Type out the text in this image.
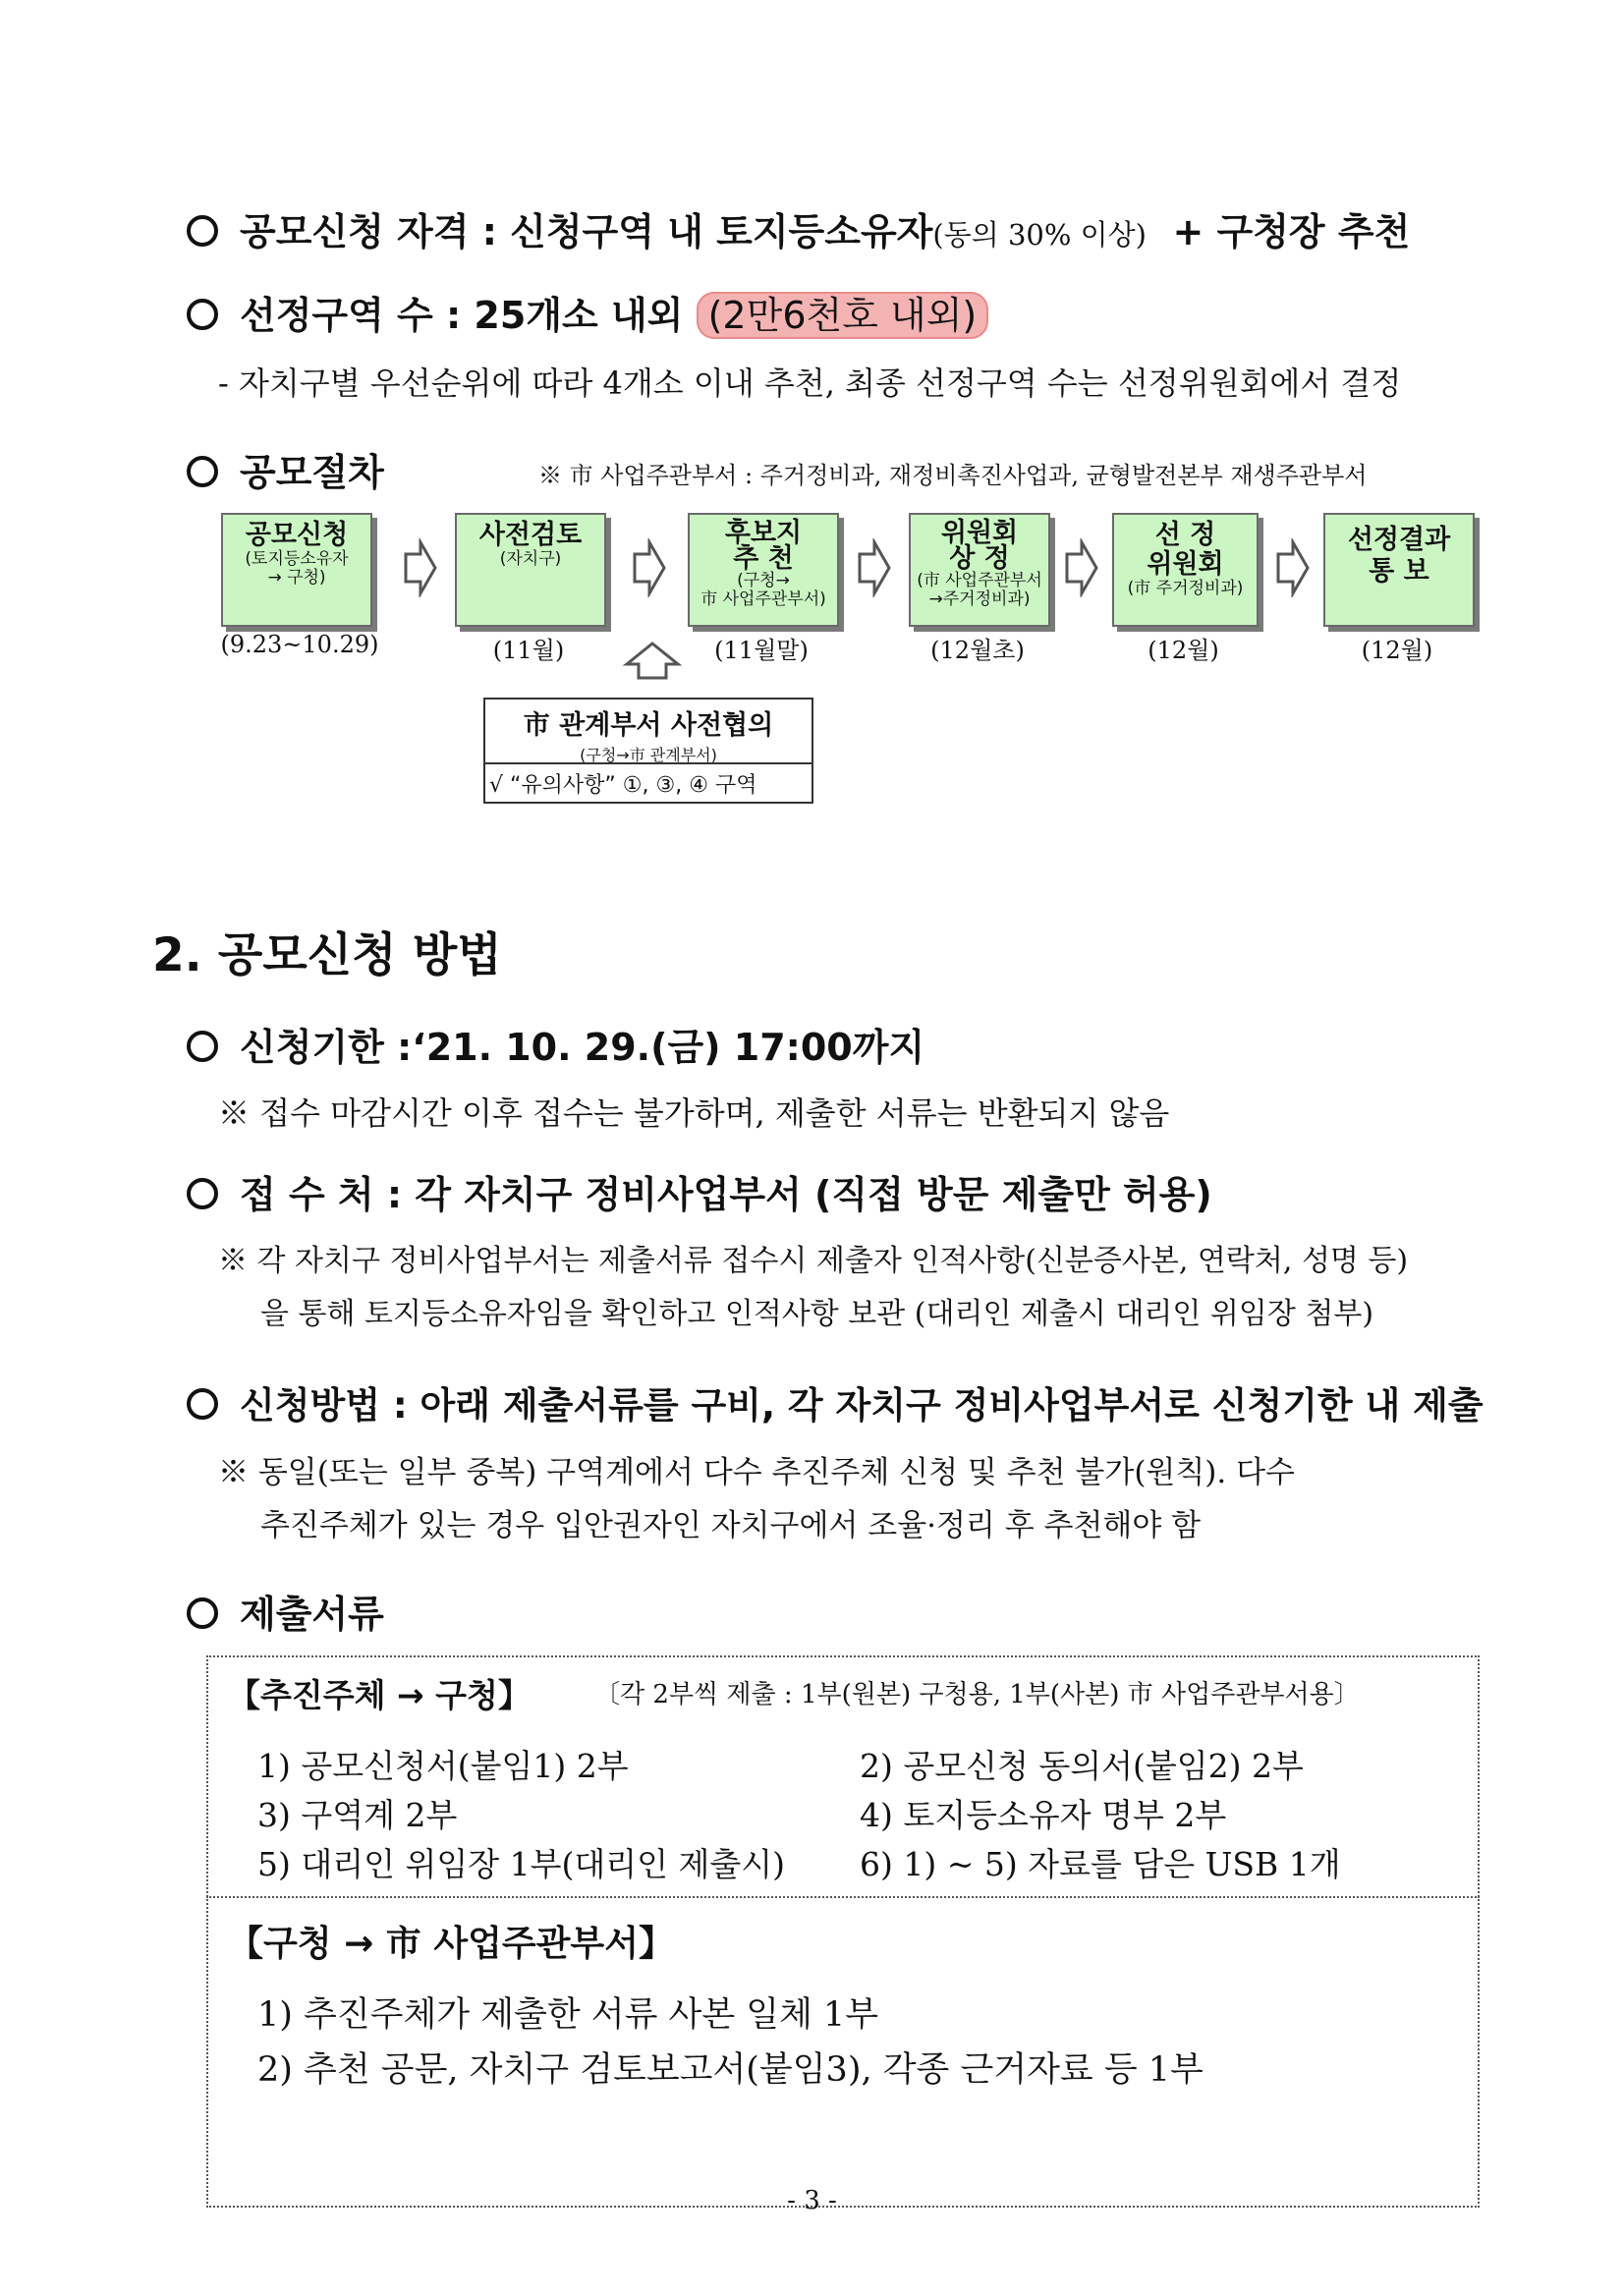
공모신청 자격 : 신청구역 내 토지등소유자(동의 30% 이상) + 구청장 추천
선정구역 수 : 25개소 내외 (2만6천호 내외)
- 자치구별 우선순위에 따라 4개소 이내 추천, 최종 선정구역 수는 선정위원회에서 결정
공모절차	※ 市 사업주관부서 : 주거정비과, 재정비촉진사업과, 균형발전본부 재생주관부서
공모신청
(토지등소유자
→ 구청)
사전검토
(자치구)
후보지
추 천
(구청→
市 사업주관부서)
위원회
상 정
(市 사업주관부서
→주거정비과)
선 정
위원회
(市 주거정비과)
선정결과
통 보
(9.23~10.29)	(11월)	(11월말)	(12월초)	(12월)	(12월)
市 관계부서 사전협의
(구청→市 관계부서)
√ “유의사항” ①, ③, ④ 구역
2. 공모신청 방법
신청기한 :‘21. 10. 29.(금) 17:00까지
※ 접수 마감시간 이후 접수는 불가하며, 제출한 서류는 반환되지 않음
접 수 처 : 각 자치구 정비사업부서 (직접 방문 제출만 허용)
※ 각 자치구 정비사업부서는 제출서류 접수시 제출자 인적사항(신분증사본, 연락처, 성명 등)
을 통해 토지등소유자임을 확인하고 인적사항 보관 (대리인 제출시 대리인 위임장 첨부)
신청방법 : 아래 제출서류를 구비, 각 자치구 정비사업부서로 신청기한 내 제출
※ 동일(또는 일부 중복) 구역계에서 다수 추진주체 신청 및 추천 불가(원칙). 다수
추진주체가 있는 경우 입안권자인 자치구에서 조율·정리 후 추천해야 함
제출서류
【추진주체 → 구청】	〔각 2부씩 제출 : 1부(원본) 구청용, 1부(사본) 市 사업주관부서용〕
1) 공모신청서(붙임1) 2부	2) 공모신청 동의서(붙임2) 2부
3) 구역계 2부	4) 토지등소유자 명부 2부
5) 대리인 위임장 1부(대리인 제출시) 6) 1) ~ 5) 자료를 담은 USB 1개
【구청 → 市 사업주관부서】
1) 추진주체가 제출한 서류 사본 일체 1부
2) 추천 공문, 자치구 검토보고서(붙임3), 각종 근거자료 등 1부
- 3 -
